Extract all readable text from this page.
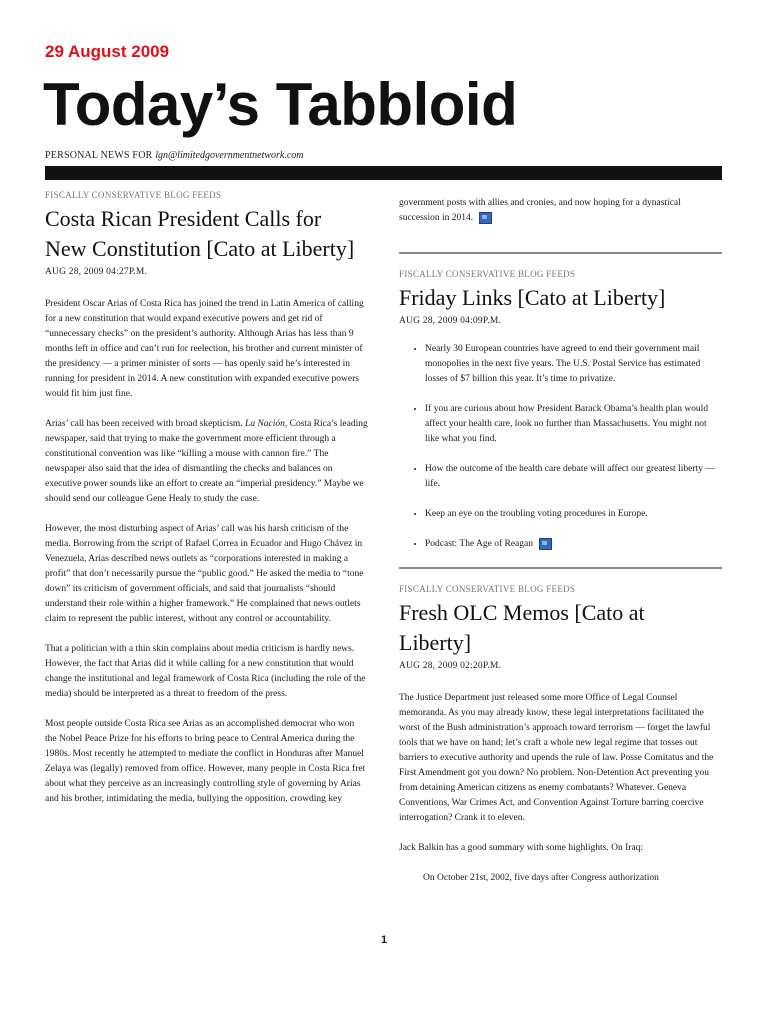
29 August 2009
Today’s Tabbloid
PERSONAL NEWS FOR lgn@limitedgovernmentnetwork.com

FISCALLY CONSERVATIVE BLOG FEEDS

Costa Rican President Calls for New Constitution [Cato at Liberty]

AUG 28, 2009 04:27P.M.

President Oscar Arias of Costa Rica has joined the trend in Latin America of calling for a new constitution that would expand executive powers and get rid of “unnecessary checks” on the president’s authority. Although Arias has less than 9 months left in office and can’t run for reelection, his brother and current minister of the presidency — a primer minister of sorts — has openly said he’s interested in running for president in 2014. A new constitution with expanded executive powers would fit him just fine.

Arias’ call has been received with broad skepticism. La Nación, Costa Rica’s leading newspaper, said that trying to make the government more efficient through a constitutional convention was like “killing a mouse with cannon fire.” The newspaper also said that the idea of dismantling the checks and balances on executive power sounds like an effort to create an “imperial presidency.” Maybe we should send our colleague Gene Healy to study the case.

However, the most disturbing aspect of Arias’ call was his harsh criticism of the media. Borrowing from the script of Rafael Correa in Ecuador and Hugo Chávez in Venezuela, Arias described news outlets as “corporations interested in making a profit” that don’t necessarily pursue the “public good.” He asked the media to “tone down” its criticism of government officials, and said that journalists “should understand their role within a higher framework.” He complained that news outlets claim to represent the public interest, without any control or accountability.

That a politician with a thin skin complains about media criticism is hardly news. However, the fact that Arias did it while calling for a new constitution that would change the institutional and legal framework of Costa Rica (including the role of the media) should be interpreted as a threat to freedom of the press.

Most people outside Costa Rica see Arias as an accomplished democrat who won the Nobel Peace Prize for his efforts to bring peace to Central America during the 1980s. Most recently he attempted to mediate the conflict in Honduras after Manuel Zelaya was (legally) removed from office. However, many people in Costa Rica fret about what they perceive as an increasingly controlling style of governing by Arias and his brother, intimidating the media, bullying the opposition, crowding key

government posts with allies and cronies, and now hoping for a dynastical succession in 2014.

FISCALLY CONSERVATIVE BLOG FEEDS

Friday Links [Cato at Liberty]

AUG 28, 2009 04:09P.M.

• Nearly 30 European countries have agreed to end their government mail monopolies in the next five years. The U.S. Postal Service has estimated losses of $7 billion this year. It’s time to privatize.
• If you are curious about how President Barack Obama’s health plan would affect your health care, look no further than Massachusetts. You might not like what you find.
• How the outcome of the health care debate will affect our greatest liberty — life.
• Keep an eye on the troubling voting procedures in Europe.
• Podcast: The Age of Reagan

FISCALLY CONSERVATIVE BLOG FEEDS

Fresh OLC Memos [Cato at Liberty]

AUG 28, 2009 02:20P.M.

The Justice Department just released some more Office of Legal Counsel memoranda. As you may already know, these legal interpretations facilitated the worst of the Bush administration’s approach toward terrorism — forget the lawful tools that we have on hand; let’s craft a whole new legal regime that tosses out barriers to executive authority and upends the rule of law. Posse Comitatus and the First Amendment got you down? No problem. Non-Detention Act preventing you from detaining American citizens as enemy combatants? Whatever. Geneva Conventions, War Crimes Act, and Convention Against Torture barring coercive interrogation? Crank it to eleven.

Jack Balkin has a good summary with some highlights. On Iraq:

On October 21st, 2002, five days after Congress authorization

1
